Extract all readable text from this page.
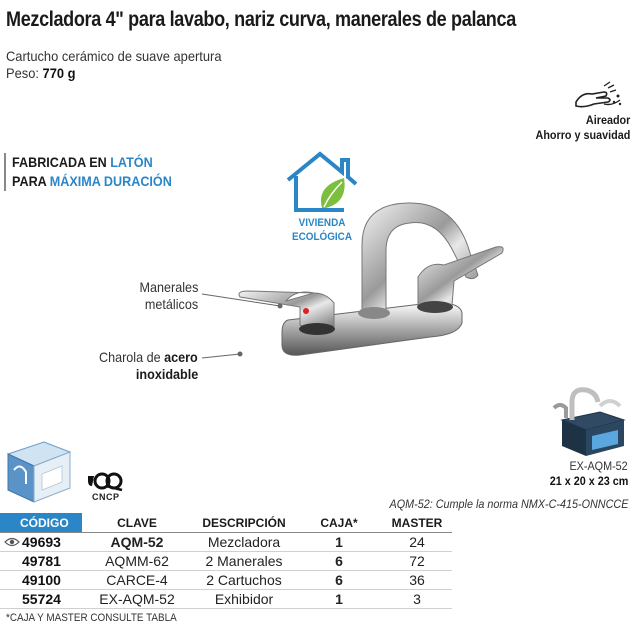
Mezcladora 4" para lavabo, nariz curva, manerales de palanca
Cartucho cerámico de suave apertura
Peso: 770 g
FABRICADA EN LATÓN
PARA MÁXIMA DURACIÓN
Aireador
Ahorro y suavidad
VIVIENDA
ECOLÓGICA
Manerales
metálicos
Charola de acero
inoxidable
CNCP
EX-AQM-52
21 x 20 x 23 cm
AQM-52: Cumple la norma NMX-C-415-ONNCCE
CÓDIGO	CLAVE	DESCRIPCIÓN	CAJA*	MASTER	

49693	AQM-52	Mezcladora	1	24	
49781	AQMM-62	2 Manerales	6	72	
49100	CARCE-4	2 Cartuchos	6	36	
55724	EX-AQM-52	Exhibidor	1	3	
*CAJA Y MASTER CONSULTE TABLA
